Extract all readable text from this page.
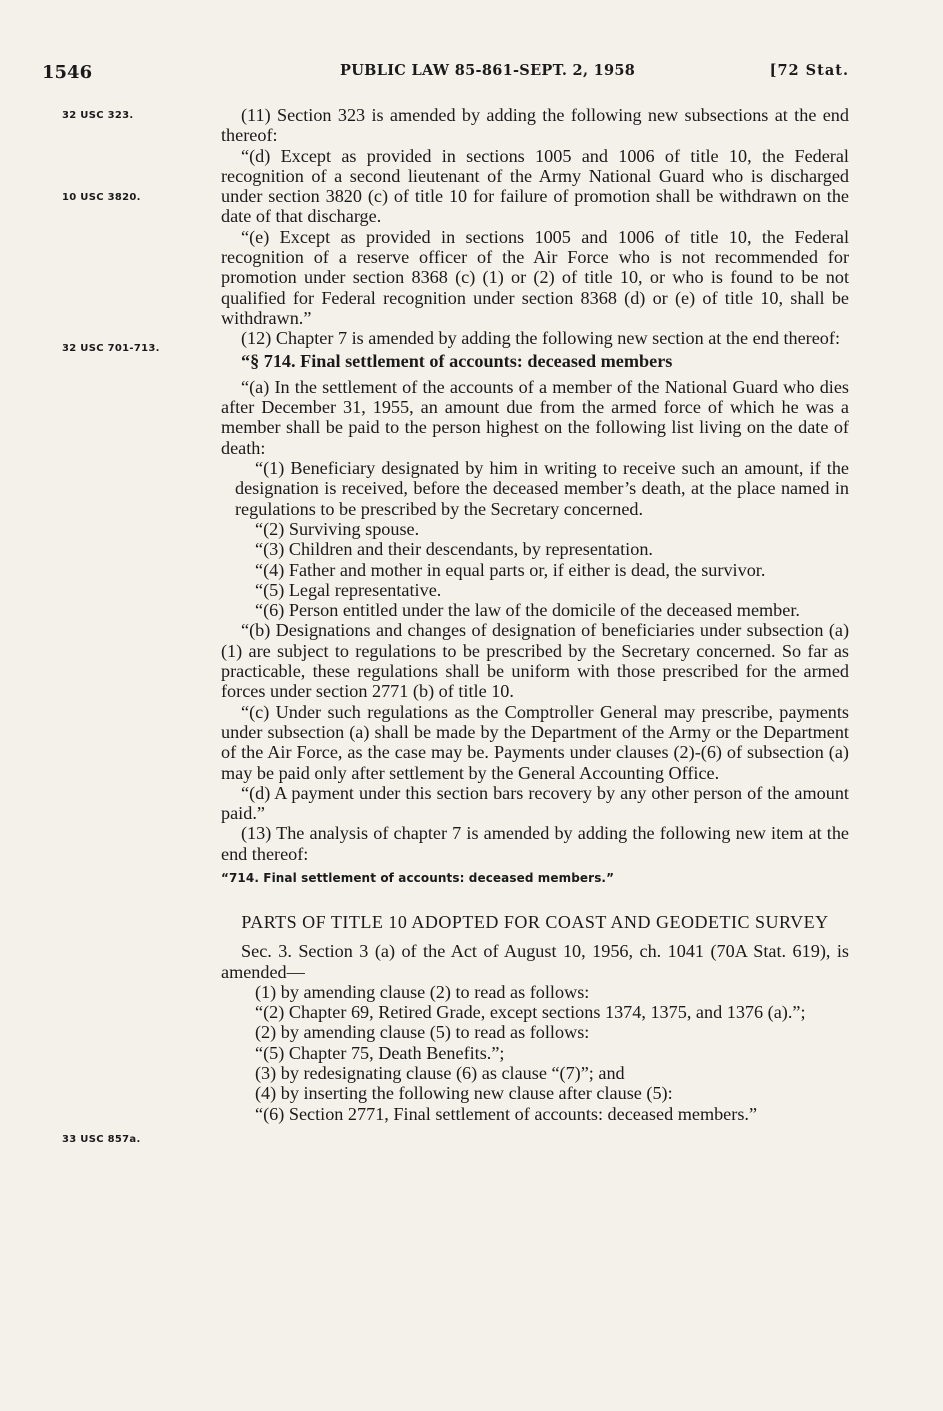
1546	PUBLIC LAW 85-861-SEPT. 2, 1958	[72 Stat.
32 USC 323.
10 USC 3820.
32 USC 701-713.
33 USC 857a.

(11) Section 323 is amended by adding the following new subsections at the end thereof:

“(d) Except as provided in sections 1005 and 1006 of title 10, the Federal recognition of a second lieutenant of the Army National Guard who is discharged under section 3820 (c) of title 10 for failure of promotion shall be withdrawn on the date of that discharge.

“(e) Except as provided in sections 1005 and 1006 of title 10, the Federal recognition of a reserve officer of the Air Force who is not recommended for promotion under section 8368 (c) (1) or (2) of title 10, or who is found to be not qualified for Federal recognition under section 8368 (d) or (e) of title 10, shall be withdrawn.”

(12) Chapter 7 is amended by adding the following new section at the end thereof:

“§ 714. Final settlement of accounts: deceased members

“(a) In the settlement of the accounts of a member of the National Guard who dies after December 31, 1955, an amount due from the armed force of which he was a member shall be paid to the person highest on the following list living on the date of death:

“(1) Beneficiary designated by him in writing to receive such an amount, if the designation is received, before the deceased member’s death, at the place named in regulations to be prescribed by the Secretary concerned.

“(2) Surviving spouse.

“(3) Children and their descendants, by representation.

“(4) Father and mother in equal parts or, if either is dead, the survivor.

“(5) Legal representative.

“(6) Person entitled under the law of the domicile of the deceased member.

“(b) Designations and changes of designation of beneficiaries under subsection (a) (1) are subject to regulations to be prescribed by the Secretary concerned. So far as practicable, these regulations shall be uniform with those prescribed for the armed forces under section 2771 (b) of title 10.

“(c) Under such regulations as the Comptroller General may prescribe, payments under subsection (a) shall be made by the Department of the Army or the Department of the Air Force, as the case may be. Payments under clauses (2)-(6) of subsection (a) may be paid only after settlement by the General Accounting Office.

“(d) A payment under this section bars recovery by any other person of the amount paid.”

(13) The analysis of chapter 7 is amended by adding the following new item at the end thereof:

“714. Final settlement of accounts: deceased members.”

PARTS OF TITLE 10 ADOPTED FOR COAST AND GEODETIC SURVEY

Sec. 3. Section 3 (a) of the Act of August 10, 1956, ch. 1041 (70A Stat. 619), is amended—

(1) by amending clause (2) to read as follows:

“(2) Chapter 69, Retired Grade, except sections 1374, 1375, and 1376 (a).”;

(2) by amending clause (5) to read as follows:

“(5) Chapter 75, Death Benefits.”;

(3) by redesignating clause (6) as clause “(7)”; and

(4) by inserting the following new clause after clause (5):

“(6) Section 2771, Final settlement of accounts: deceased members.”
